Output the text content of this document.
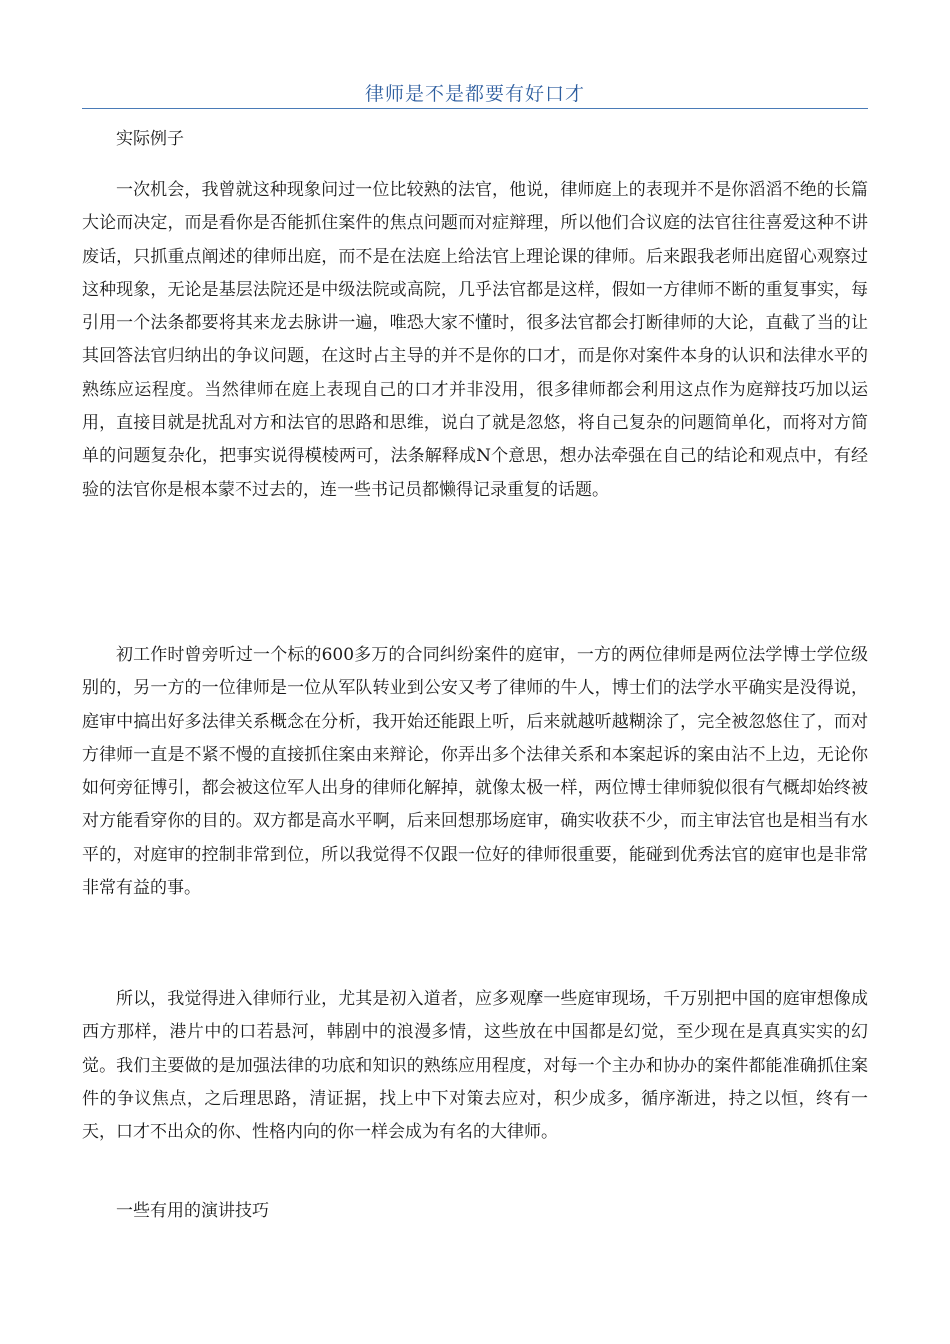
律师是不是都要有好口才

实际例子

一次机会，我曾就这种现象问过一位比较熟的法官，他说，律师庭上的表现并不是你滔滔不绝的长篇大论而决定，而是看你是否能抓住案件的焦点问题而对症辩理，所以他们合议庭的法官往往喜爱这种不讲废话，只抓重点阐述的律师出庭，而不是在法庭上给法官上理论课的律师。后来跟我老师出庭留心观察过这种现象，无论是基层法院还是中级法院或高院，几乎法官都是这样，假如一方律师不断的重复事实，每引用一个法条都要将其来龙去脉讲一遍，唯恐大家不懂时，很多法官都会打断律师的大论，直截了当的让其回答法官归纳出的争议问题，在这时占主导的并不是你的口才，而是你对案件本身的认识和法律水平的熟练应运程度。当然律师在庭上表现自己的口才并非没用，很多律师都会利用这点作为庭辩技巧加以运用，直接目就是扰乱对方和法官的思路和思维，说白了就是忽悠，将自己复杂的问题简单化，而将对方简单的问题复杂化，把事实说得模棱两可，法条解释成N个意思，想办法牵强在自己的结论和观点中，有经验的法官你是根本蒙不过去的，连一些书记员都懒得记录重复的话题。

初工作时曾旁听过一个标的600多万的合同纠纷案件的庭审，一方的两位律师是两位法学博士学位级别的，另一方的一位律师是一位从军队转业到公安又考了律师的牛人，博士们的法学水平确实是没得说，庭审中搞出好多法律关系概念在分析，我开始还能跟上听，后来就越听越糊涂了，完全被忽悠住了，而对方律师一直是不紧不慢的直接抓住案由来辩论，你弄出多个法律关系和本案起诉的案由沾不上边，无论你如何旁征博引，都会被这位军人出身的律师化解掉，就像太极一样，两位博士律师貌似很有气概却始终被对方能看穿你的目的。双方都是高水平啊，后来回想那场庭审，确实收获不少，而主审法官也是相当有水平的，对庭审的控制非常到位，所以我觉得不仅跟一位好的律师很重要，能碰到优秀法官的庭审也是非常非常有益的事。

所以，我觉得进入律师行业，尤其是初入道者，应多观摩一些庭审现场，千万别把中国的庭审想像成西方那样，港片中的口若悬河，韩剧中的浪漫多情，这些放在中国都是幻觉，至少现在是真真实实的幻觉。我们主要做的是加强法律的功底和知识的熟练应用程度，对每一个主办和协办的案件都能准确抓住案件的争议焦点，之后理思路，清证据，找上中下对策去应对，积少成多，循序渐进，持之以恒，终有一天，口才不出众的你、性格内向的你一样会成为有名的大律师。

一些有用的演讲技巧
